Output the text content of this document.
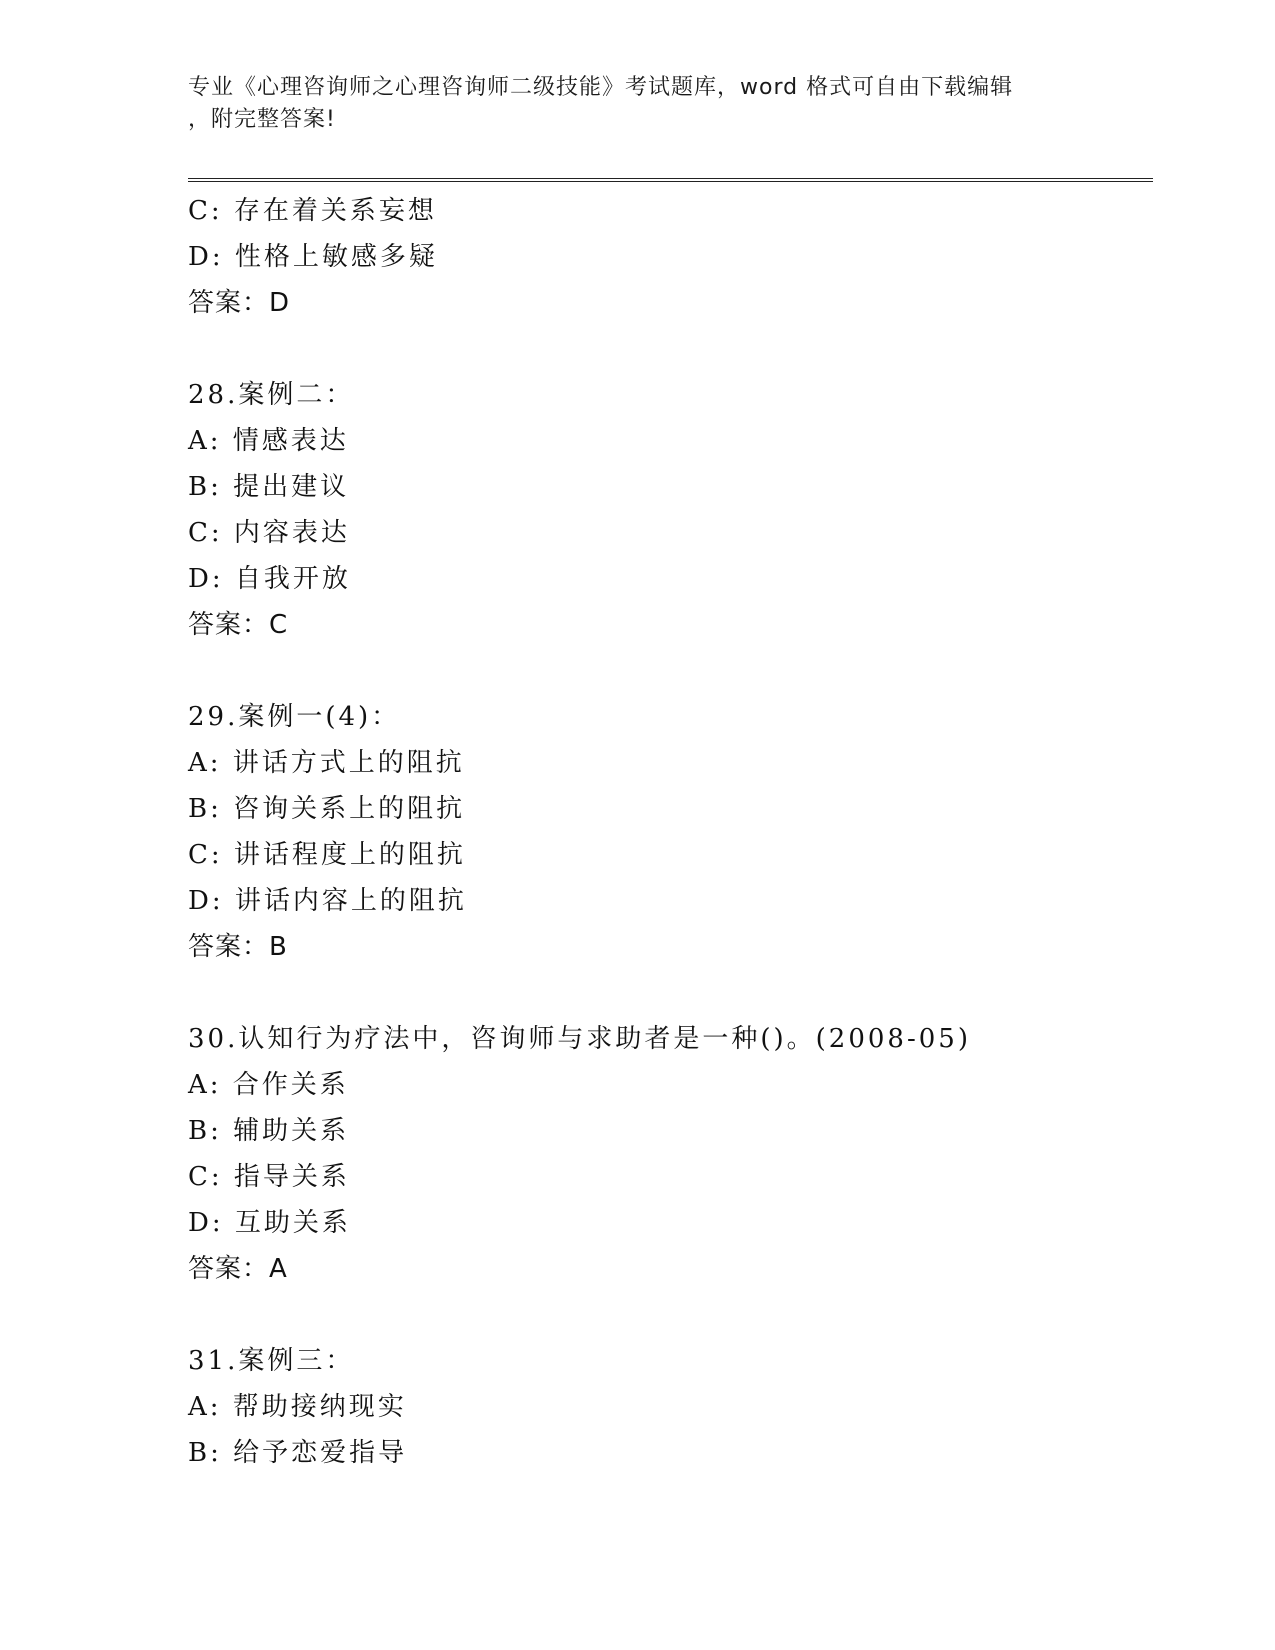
专业《心理咨询师之心理咨询师二级技能》考试题库，word 格式可自由下载编辑
，附完整答案!
C: 存在着关系妄想
D: 性格上敏感多疑
答案：D
28.案例二：
A: 情感表达
B: 提出建议
C: 内容表达
D: 自我开放
答案：C
29.案例一(4)：
A: 讲话方式上的阻抗
B: 咨询关系上的阻抗
C: 讲话程度上的阻抗
D: 讲话内容上的阻抗
答案：B
30.认知行为疗法中，咨询师与求助者是一种()。(2008-05)
A: 合作关系
B: 辅助关系
C: 指导关系
D: 互助关系
答案：A
31.案例三：
A: 帮助接纳现实
B: 给予恋爱指导
